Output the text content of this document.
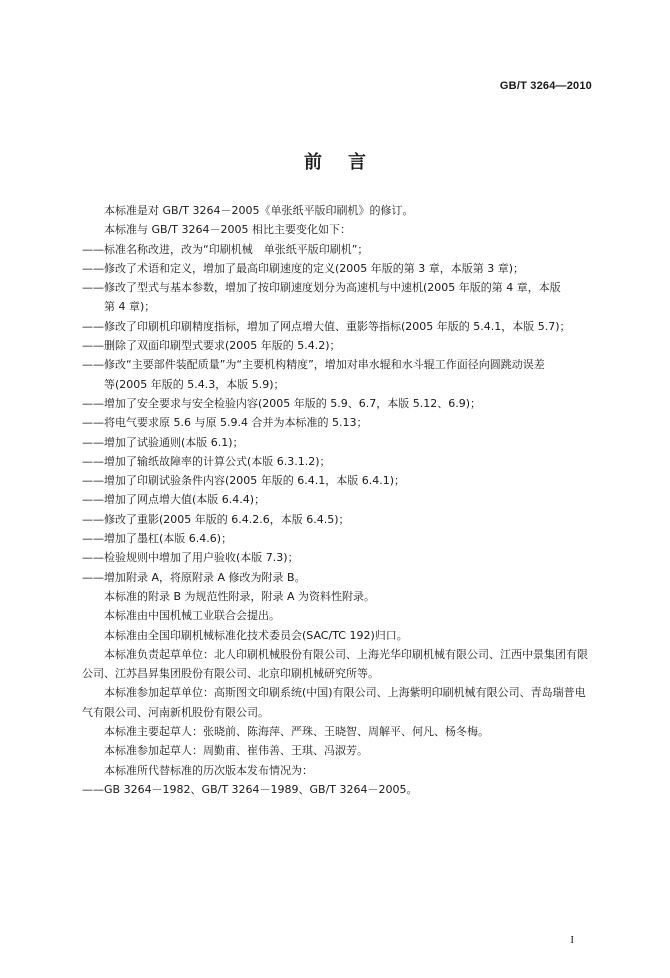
GB/T 3264—2010
前言

本标准是对 GB/T 3264－2005《单张纸平版印刷机》的修订。

本标准与 GB/T 3264－2005 相比主要变化如下：

——标准名称改进，改为“印刷机械　单张纸平版印刷机”；

——修改了术语和定义，增加了最高印刷速度的定义(2005 年版的第 3 章，本版第 3 章)；

——修改了型式与基本参数，增加了按印刷速度划分为高速机与中速机(2005 年版的第 4 章，本版

第 4 章)；

——修改了印刷机印刷精度指标，增加了网点增大值、重影等指标(2005 年版的 5.4.1，本版 5.7)；

——删除了双面印刷型式要求(2005 年版的 5.4.2)；

——修改“主要部件装配质量”为“主要机构精度”，增加对串水辊和水斗辊工作面径向圆跳动误差

等(2005 年版的 5.4.3，本版 5.9)；

——增加了安全要求与安全检验内容(2005 年版的 5.9、6.7，本版 5.12、6.9)；

——将电气要求原 5.6 与原 5.9.4 合并为本标准的 5.13；

——增加了试验通则(本版 6.1)；

——增加了输纸故障率的计算公式(本版 6.3.1.2)；

——增加了印刷试验条件内容(2005 年版的 6.4.1，本版 6.4.1)；

——增加了网点增大值(本版 6.4.4)；

——修改了重影(2005 年版的 6.4.2.6，本版 6.4.5)；

——增加了墨杠(本版 6.4.6)；

——检验规则中增加了用户验收(本版 7.3)；

——增加附录 A，将原附录 A 修改为附录 B。

本标准的附录 B 为规范性附录，附录 A 为资料性附录。

本标准由中国机械工业联合会提出。

本标准由全国印刷机械标准化技术委员会(SAC/TC 192)归口。

本标准负责起草单位：北人印刷机械股份有限公司、上海光华印刷机械有限公司、江西中景集团有限公司、江苏昌昇集团股份有限公司、北京印刷机械研究所等。

本标准参加起草单位：高斯图文印刷系统(中国)有限公司、上海紫明印刷机械有限公司、青岛瑞普电气有限公司、河南新机股份有限公司。

本标准主要起草人：张晓前、陈海萍、严珠、王晓智、周解平、何凡、杨冬梅。

本标准参加起草人：周勤甫、崔伟善、王琪、冯淑芳。

本标准所代替标准的历次版本发布情况为：

——GB 3264－1982、GB/T 3264－1989、GB/T 3264－2005。

I
